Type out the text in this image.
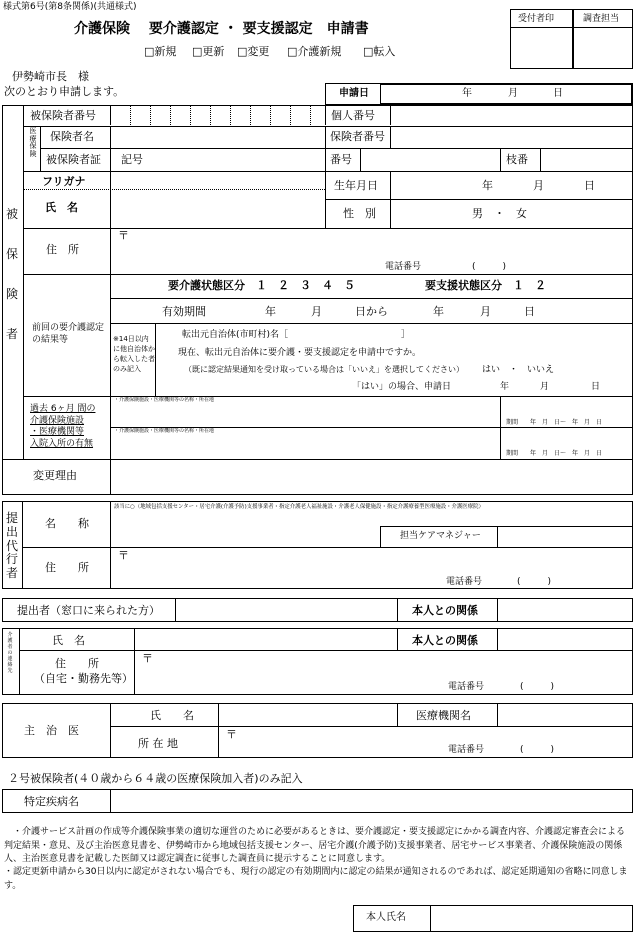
様式第6号(第8条関係)(共通様式)
介護保険　 要介護認定 ・ 要支援認定　申請書
□新規 □更新 □変更 □介護新規 □転入
受付者印	調査担当
伊勢崎市長　様
次のとおり申請します。	申請日	年	月	日
被
保
険
者
被保険者番号	個人番号
医
療
保
険
保険者名	保険者番号
被保険者証 記号	番号	枝番
フリガナ
氏　名
生年月日	年	月	日
性　別	男　・　女
住　所
〒
電話番号	(　　　)
前回の要介護認定の結果等
要介護状態区分　１　２　３　４　５	要支援状態区分　１　２
有効期間	年	月	日から	年	月	日
※14日以内に他自治体から転入した者のみ記入
転出元自治体(市町村)名［	］
現在、転出元自治体に要介護・要支援認定を申請中ですか。
（既に認定結果通知を受け取っている場合は「いいえ」を選択してください） はい　・　いいえ
「はい」の場合、申請日	年	月	日
過去 6ヶ月 間の
介護保険施設
・医療機関等
入院入所の有無
・介護保険施設・医療機関等の名称・所在地
期間　　年　月　日～　年　月　日
・介護保険施設・医療機関等の名称・所在地
期間　　年　月　日～　年　月　日
変更理由
提
出
代
行
者
名　　称
該当に○（地域包括支援センター・居宅介護(介護予防)支援事業者・指定介護老人福祉施設・介護老人保健施設・指定介護療養型医療施設・介護医療院）
担当ケアマネジャー
住　　所
〒
電話番号	(　　　)
提出者（窓口に来られた方）	本人との関係
介護者の連絡先
氏　名	本人との関係
住　　所
（自宅・勤務先等）
〒
電話番号	(　　　)
主　治　医
氏　　名	医療機関名
所 在 地
〒
電話番号	(　　　)
２号被保険者(４０歳から６４歳の医療保険加入者)のみ記入
特定疾病名
・介護サービス計画の作成等介護保険事業の適切な運営のために必要があるときは、要介護認定・要支援認定にかかる調査内容、介護認定審査会による判定結果・意見、及び主治医意見書を、伊勢崎市から地域包括支援センター、居宅介護(介護予防)支援事業者、居宅サービス事業者、介護保険施設の関係人、主治医意見書を記載した医師又は認定調査に従事した調査員に提示することに同意します。
・認定更新申請から30日以内に認定がされない場合でも、現行の認定の有効期間内に認定の結果が通知されるのであれば、認定延期通知の省略に同意します。
本人氏名
